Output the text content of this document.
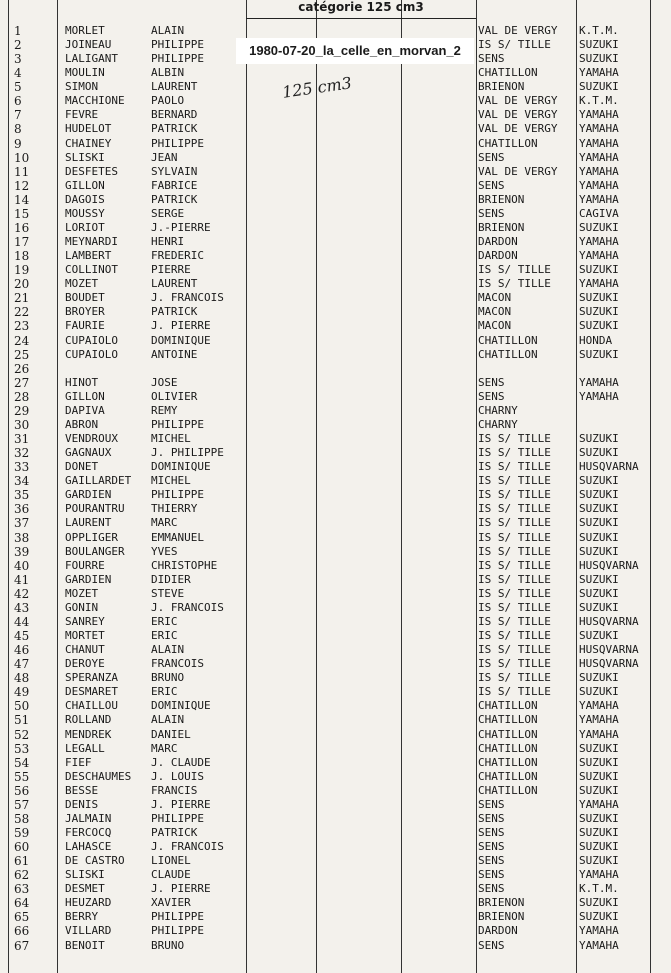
catégorie 125 cm3
1980-07-20_la_celle_en_morvan_2
125 cm3
1	MORLET	ALAIN	VAL DE VERGY	K.T.M.
2	JOINEAU	PHILIPPE	IS S/ TILLE	SUZUKI
3	LALIGANT	PHILIPPE	SENS	SUZUKI
4	MOULIN	ALBIN	CHATILLON	YAMAHA
5	SIMON	LAURENT	BRIENON	SUZUKI
6	MACCHIONE	PAOLO	VAL DE VERGY	K.T.M.
7	FEVRE	BERNARD	VAL DE VERGY	YAMAHA
8	HUDELOT	PATRICK	VAL DE VERGY	YAMAHA
9	CHAINEY	PHILIPPE	CHATILLON	YAMAHA
10	SLISKI	JEAN	SENS	YAMAHA
11	DESFETES	SYLVAIN	VAL DE VERGY	YAMAHA
12	GILLON	FABRICE	SENS	YAMAHA
14	DAGOIS	PATRICK	BRIENON	YAMAHA
15	MOUSSY	SERGE	SENS	CAGIVA
16	LORIOT	J.-PIERRE	BRIENON	SUZUKI
17	MEYNARDI	HENRI	DARDON	YAMAHA
18	LAMBERT	FREDERIC	DARDON	YAMAHA
19	COLLINOT	PIERRE	IS S/ TILLE	SUZUKI
20	MOZET	LAURENT	IS S/ TILLE	YAMAHA
21	BOUDET	J. FRANCOIS	MACON	SUZUKI
22	BROYER	PATRICK	MACON	SUZUKI
23	FAURIE	J. PIERRE	MACON	SUZUKI
24	CUPAIOLO	DOMINIQUE	CHATILLON	HONDA
25	CUPAIOLO	ANTOINE	CHATILLON	SUZUKI
26
27	HINOT	JOSE	SENS	YAMAHA
28	GILLON	OLIVIER	SENS	YAMAHA
29	DAPIVA	REMY	CHARNY
30	ABRON	PHILIPPE	CHARNY
31	VENDROUX	MICHEL	IS S/ TILLE	SUZUKI
32	GAGNAUX	J. PHILIPPE	IS S/ TILLE	SUZUKI
33	DONET	DOMINIQUE	IS S/ TILLE	HUSQVARNA
34	GAILLARDET	MICHEL	IS S/ TILLE	SUZUKI
35	GARDIEN	PHILIPPE	IS S/ TILLE	SUZUKI
36	POURANTRU	THIERRY	IS S/ TILLE	SUZUKI
37	LAURENT	MARC	IS S/ TILLE	SUZUKI
38	OPPLIGER	EMMANUEL	IS S/ TILLE	SUZUKI
39	BOULANGER	YVES	IS S/ TILLE	SUZUKI
40	FOURRE	CHRISTOPHE	IS S/ TILLE	HUSQVARNA
41	GARDIEN	DIDIER	IS S/ TILLE	SUZUKI
42	MOZET	STEVE	IS S/ TILLE	SUZUKI
43	GONIN	J. FRANCOIS	IS S/ TILLE	SUZUKI
44	SANREY	ERIC	IS S/ TILLE	HUSQVARNA
45	MORTET	ERIC	IS S/ TILLE	SUZUKI
46	CHANUT	ALAIN	IS S/ TILLE	HUSQVARNA
47	DEROYE	FRANCOIS	IS S/ TILLE	HUSQVARNA
48	SPERANZA	BRUNO	IS S/ TILLE	SUZUKI
49	DESMARET	ERIC	IS S/ TILLE	SUZUKI
50	CHAILLOU	DOMINIQUE	CHATILLON	YAMAHA
51	ROLLAND	ALAIN	CHATILLON	YAMAHA
52	MENDREK	DANIEL	CHATILLON	YAMAHA
53	LEGALL	MARC	CHATILLON	SUZUKI
54	FIEF	J. CLAUDE	CHATILLON	SUZUKI
55	DESCHAUMES	J. LOUIS	CHATILLON	SUZUKI
56	BESSE	FRANCIS	CHATILLON	SUZUKI
57	DENIS	J. PIERRE	SENS	YAMAHA
58	JALMAIN	PHILIPPE	SENS	SUZUKI
59	FERCOCQ	PATRICK	SENS	SUZUKI
60	LAHASCE	J. FRANCOIS	SENS	SUZUKI
61	DE CASTRO	LIONEL	SENS	SUZUKI
62	SLISKI	CLAUDE	SENS	YAMAHA
63	DESMET	J. PIERRE	SENS	K.T.M.
64	HEUZARD	XAVIER	BRIENON	SUZUKI
65	BERRY	PHILIPPE	BRIENON	SUZUKI
66	VILLARD	PHILIPPE	DARDON	YAMAHA
67	BENOIT	BRUNO	SENS	YAMAHA
